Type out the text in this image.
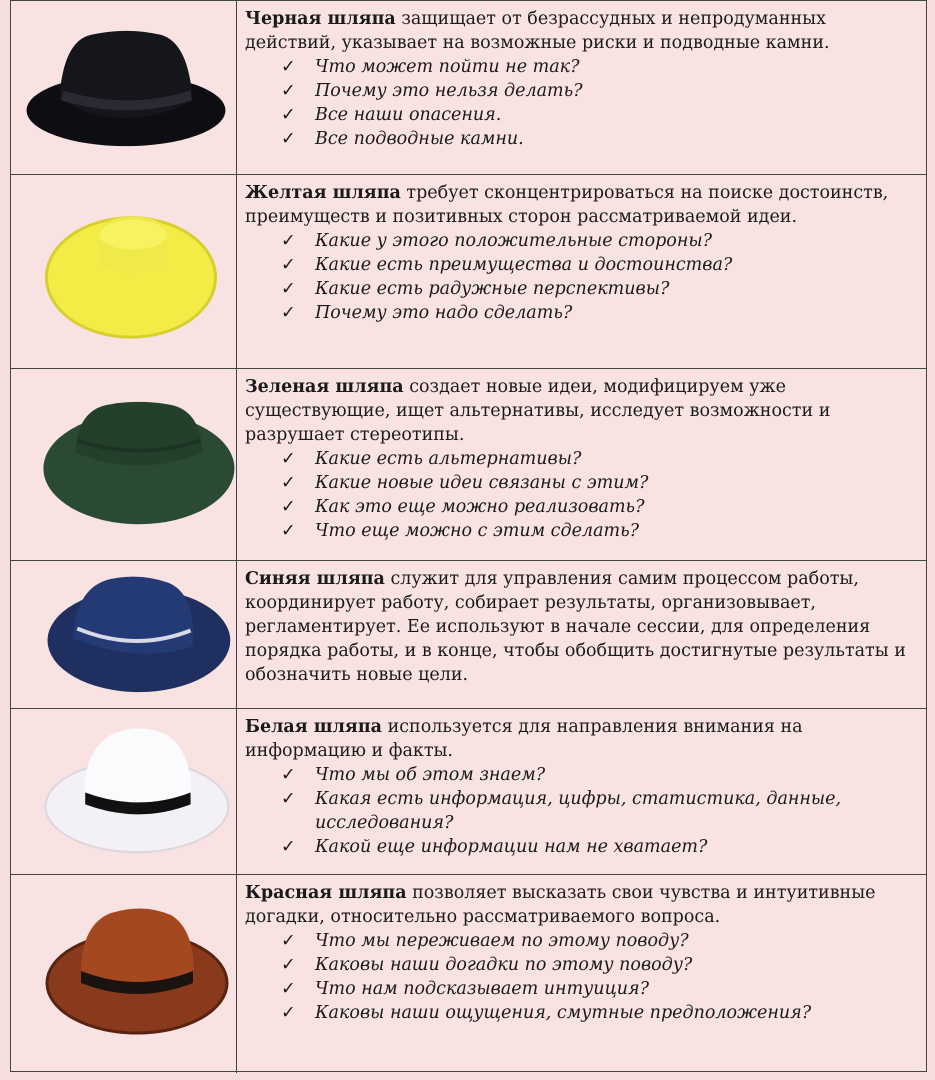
Черная шляпа защищает от безрассудных и непродуманных действий, указывает на возможные риски и подводные камни.
✓ Что может пойти не так?
✓ Почему это нельзя делать?
✓ Все наши опасения.
✓ Все подводные камни.
Желтая шляпа требует сконцентрироваться на поиске достоинств, преимуществ и позитивных сторон рассматриваемой идеи.
✓ Какие у этого положительные стороны?
✓ Какие есть преимущества и достоинства?
✓ Какие есть радужные перспективы?
✓ Почему это надо сделать?
Зеленая шляпа создает новые идеи, модифицируем уже существующие, ищет альтернативы, исследует возможности и разрушает стереотипы.
✓ Какие есть альтернативы?
✓ Какие новые идеи связаны с этим?
✓ Как это еще можно реализовать?
✓ Что еще можно с этим сделать?
Синяя шляпа служит для управления самим процессом работы, координирует работу, собирает результаты, организовывает, регламентирует. Ее используют в начале сессии, для определения порядка работы, и в конце, чтобы обобщить достигнутые результаты и обозначить новые цели.
Белая шляпа используется для направления внимания на информацию и факты.
✓ Что мы об этом знаем?
✓ Какая есть информация, цифры, статистика, данные, исследования?
✓ Какой еще информации нам не хватает?
Красная шляпа позволяет высказать свои чувства и интуитивные догадки, относительно рассматриваемого вопроса.
✓ Что мы переживаем по этому поводу?
✓ Каковы наши догадки по этому поводу?
✓ Что нам подсказывает интуиция?
✓ Каковы наши ощущения, смутные предположения?
